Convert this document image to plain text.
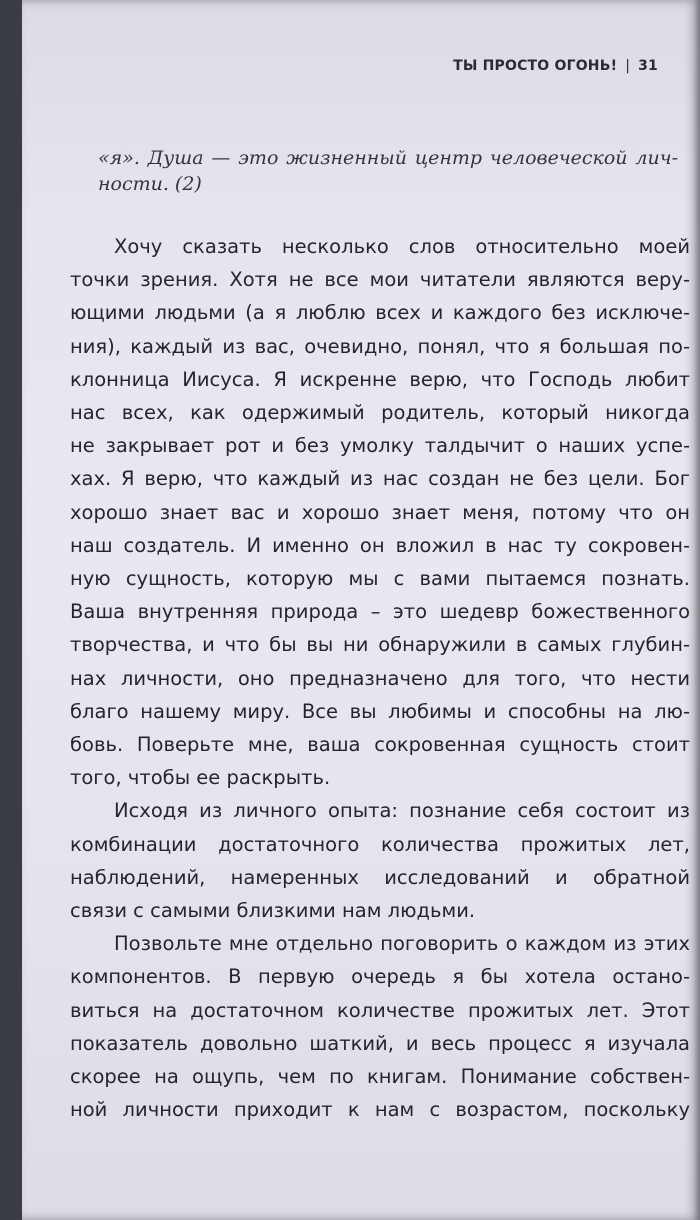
ТЫ ПРОСТО ОГОНЬ! | 31
«я». Душа — это жизненный центр человеческой лич-
ности. (2)
Хочу сказать несколько слов относительно моей
точки зрения. Хотя не все мои читатели являются веру-
ющими людьми (а я люблю всех и каждого без исключе-
ния), каждый из вас, очевидно, понял, что я большая по-
клонница Иисуса. Я искренне верю, что Господь любит
нас всех, как одержимый родитель, который никогда
не закрывает рот и без умолку талдычит о наших успе-
хах. Я верю, что каждый из нас создан не без цели. Бог
хорошо знает вас и хорошо знает меня, потому что он
наш создатель. И именно он вложил в нас ту сокровен-
ную сущность, которую мы с вами пытаемся познать.
Ваша внутренняя природа – это шедевр божественного
творчества, и что бы вы ни обнаружили в самых глубин-
нах личности, оно предназначено для того, что нести
благо нашему миру. Все вы любимы и способны на лю-
бовь. Поверьте мне, ваша сокровенная сущность стоит
того, чтобы ее раскрыть.
Исходя из личного опыта: познание себя состоит из
комбинации достаточного количества прожитых лет,
наблюдений, намеренных исследований и обратной
связи с самыми близкими нам людьми.
Позвольте мне отдельно поговорить о каждом из этих
компонентов. В первую очередь я бы хотела остано-
виться на достаточном количестве прожитых лет. Этот
показатель довольно шаткий, и весь процесс я изучала
скорее на ощупь, чем по книгам. Понимание собствен-
ной личности приходит к нам с возрастом, поскольку
